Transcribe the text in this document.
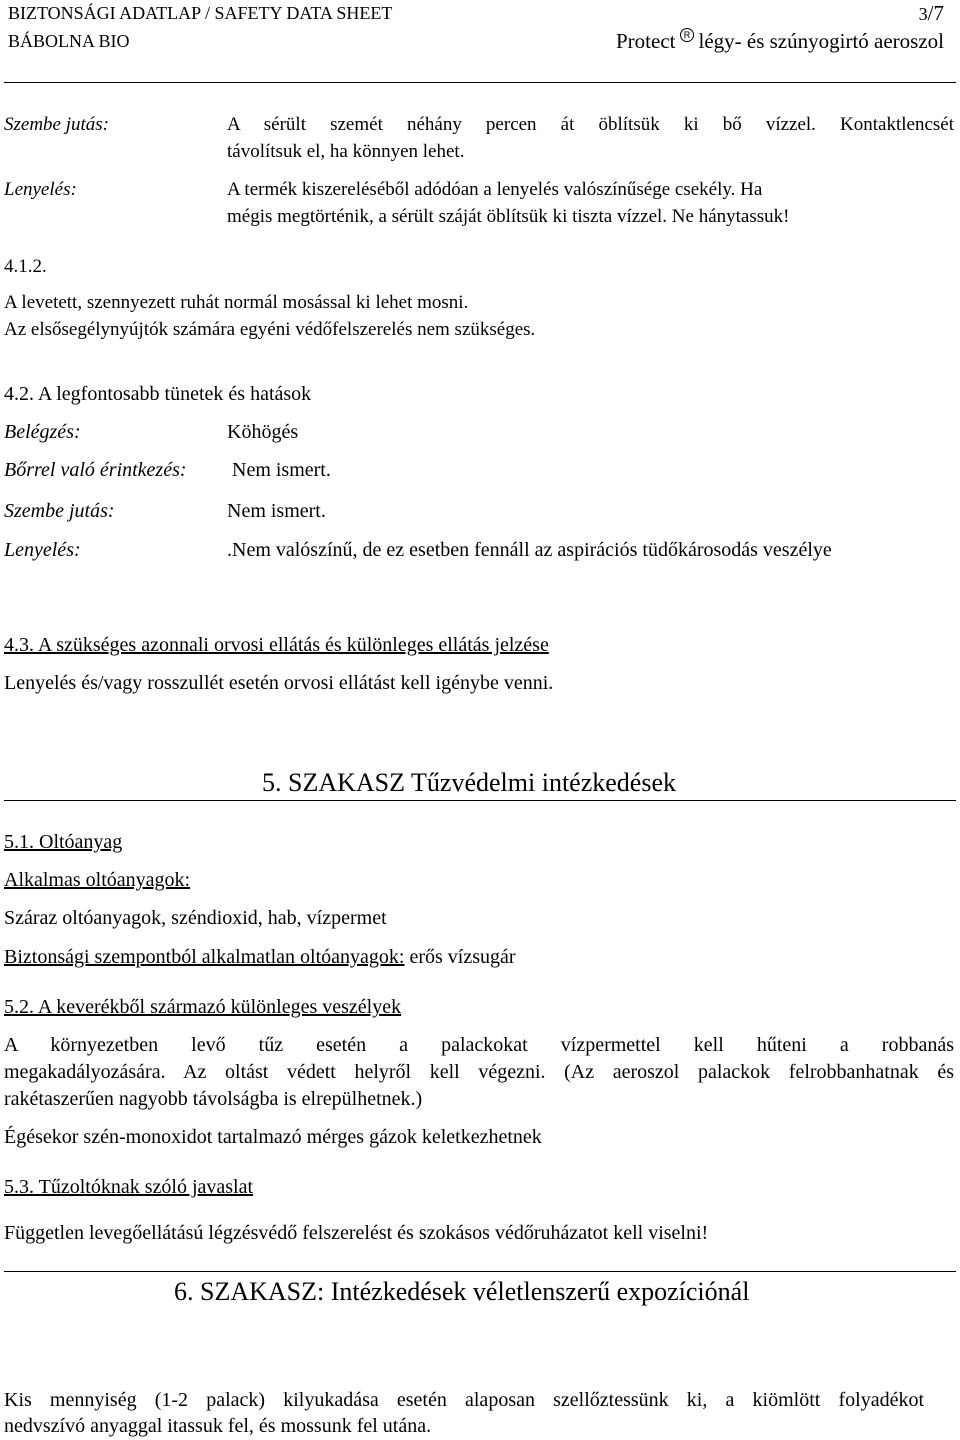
BIZTONSÁGI ADATLAP / SAFETY DATA SHEET
BÁBOLNA BIO
3/7
Protect R légy- és szúnyogirtó aeroszol
Szembe jutás:	A sérült szemét néhány percen át öblítsük ki bő vízzel. Kontaktlencsét
távolítsuk el, ha könnyen lehet.
Lenyelés:	A termék kiszereléséből adódóan a lenyelés valószínűsége csekély. Ha
mégis megtörténik, a sérült száját öblítsük ki tiszta vízzel. Ne hánytassuk!
4.1.2.
A levetett, szennyezett ruhát normál mosással ki lehet mosni.
Az elsősegélynyújtók számára egyéni védőfelszerelés nem szükséges.
4.2. A legfontosabb tünetek és hatások
Belégzés:	Köhögés
Bőrrel való érintkezés: Nem ismert.
Szembe jutás:	Nem ismert.
Lenyelés:	.Nem valószínű, de ez esetben fennáll az aspirációs tüdőkárosodás veszélye
4.3. A szükséges azonnali orvosi ellátás és különleges ellátás jelzése
Lenyelés és/vagy rosszullét esetén orvosi ellátást kell igénybe venni.
5. SZAKASZ Tűzvédelmi intézkedések
5.1. Oltóanyag
Alkalmas oltóanyagok:
Száraz oltóanyagok, széndioxid, hab, vízpermet
Biztonsági szempontból alkalmatlan oltóanyagok: erős vízsugár
5.2. A keverékből származó különleges veszélyek
A környezetben levő tűz esetén a palackokat vízpermettel kell hűteni a robbanás
megakadályozására. Az oltást védett helyről kell végezni. (Az aeroszol palackok felrobbanhatnak és
rakétaszerűen nagyobb távolságba is elrepülhetnek.)
Égésekor szén-monoxidot tartalmazó mérges gázok keletkezhetnek
5.3. Tűzoltóknak szóló javaslat
Független levegőellátású légzésvédő felszerelést és szokásos védőruházatot kell viselni!
6. SZAKASZ: Intézkedések véletlenszerű expozíciónál
Kis mennyiség (1-2 palack) kilyukadása esetén alaposan szellőztessünk ki, a kiömlött folyadékot
nedvszívó anyaggal itassuk fel, és mossunk fel utána.
